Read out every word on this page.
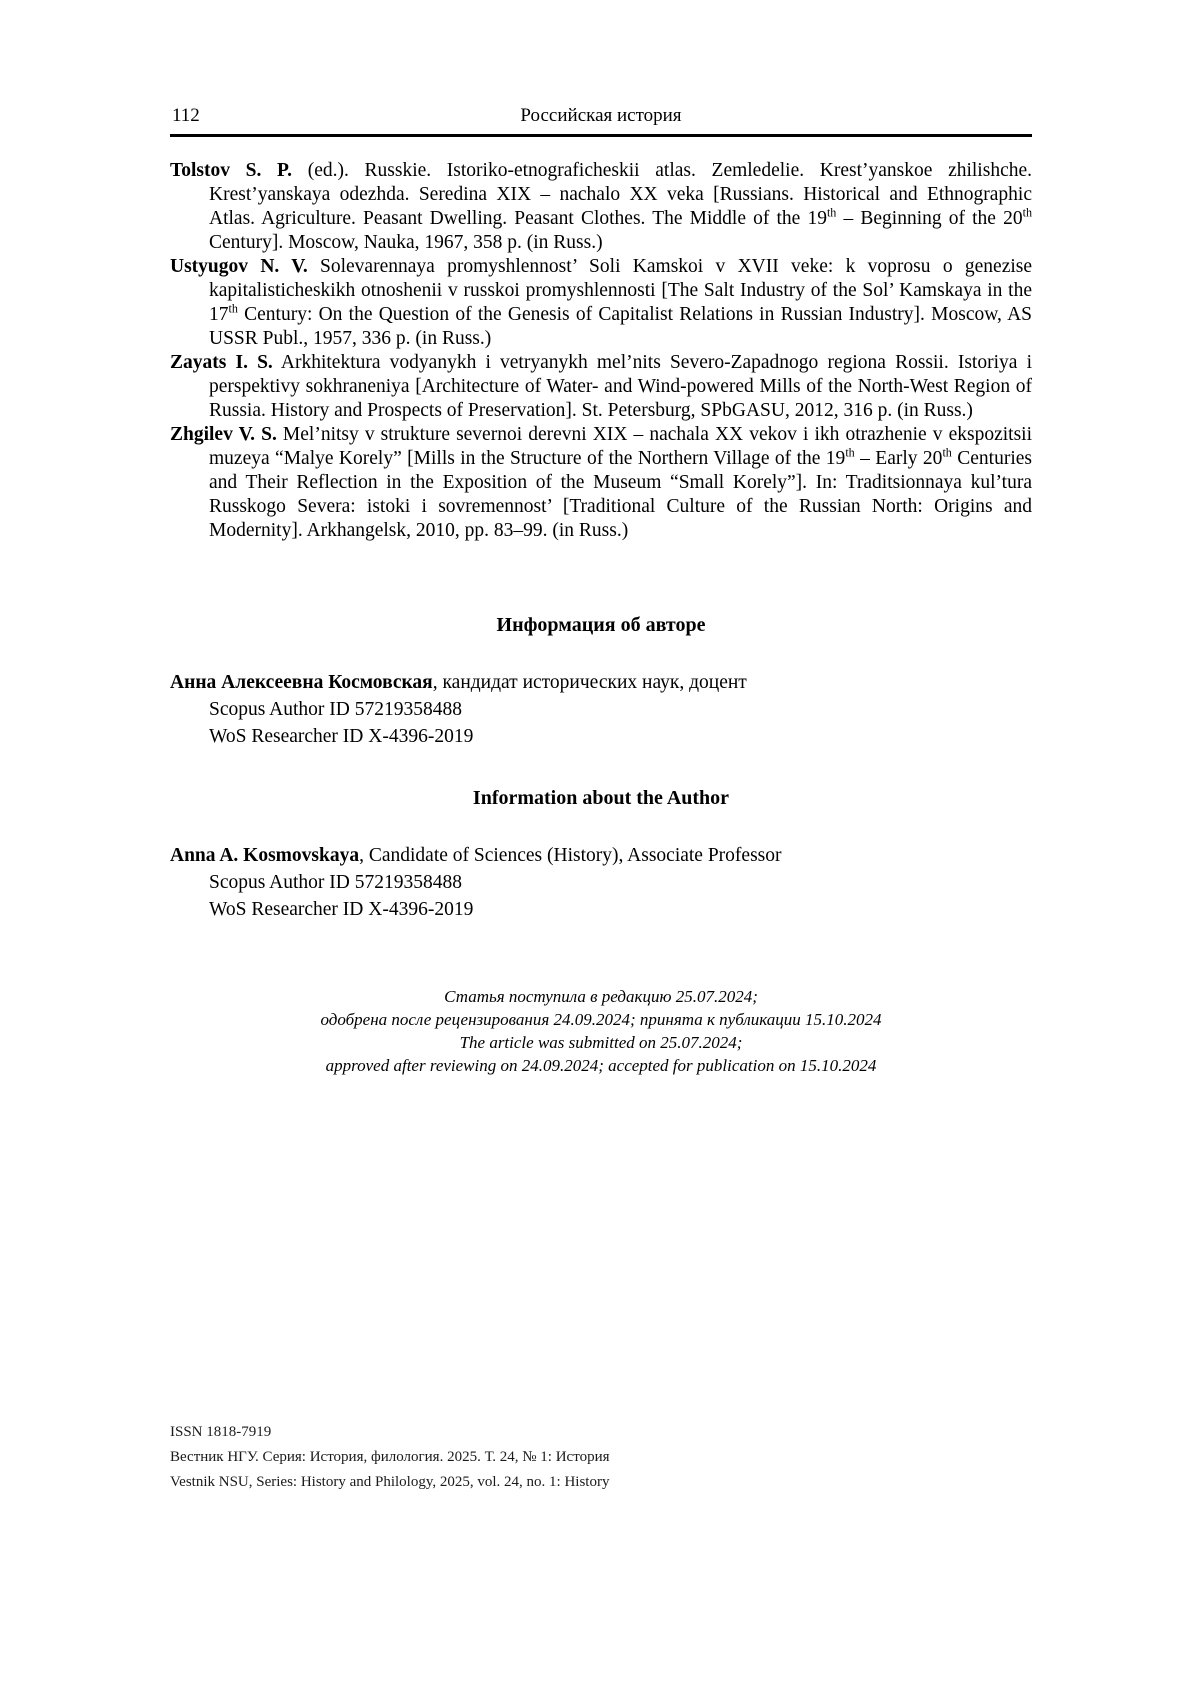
112	Российская история

Tolstov S. P. (ed.). Russkie. Istoriko-etnograficheskii atlas. Zemledelie. Krest’yanskoe zhilishche. Krest’yanskaya odezhda. Seredina XIX – nachalo XX veka [Russians. Historical and Ethnographic Atlas. Agriculture. Peasant Dwelling. Peasant Clothes. The Middle of the 19th – Beginning of the 20th Century]. Moscow, Nauka, 1967, 358 p. (in Russ.)

Ustyugov N. V. Solevarennaya promyshlennost’ Soli Kamskoi v XVII veke: k voprosu o genezise kapitalisticheskikh otnoshenii v russkoi promyshlennosti [The Salt Industry of the Sol’ Kamskaya in the 17th Century: On the Question of the Genesis of Capitalist Relations in Russian Industry]. Moscow, AS USSR Publ., 1957, 336 p. (in Russ.)

Zayats I. S. Arkhitektura vodyanykh i vetryanykh mel’nits Severo-Zapadnogo regiona Rossii. Istoriya i perspektivy sokhraneniya [Architecture of Water- and Wind-powered Mills of the North-West Region of Russia. History and Prospects of Preservation]. St. Petersburg, SPbGASU, 2012, 316 p. (in Russ.)

Zhgilev V. S. Mel’nitsy v strukture severnoi derevni XIX – nachala XX vekov i ikh otrazhenie v ekspozitsii muzeya “Malye Korely” [Mills in the Structure of the Northern Village of the 19th – Early 20th Centuries and Their Reflection in the Exposition of the Museum “Small Korely”]. In: Traditsionnaya kul’tura Russkogo Severa: istoki i sovremennost’ [Traditional Culture of the Russian North: Origins and Modernity]. Arkhangelsk, 2010, pp. 83–99. (in Russ.)

Информация об авторе

Анна Алексеевна Космовская, кандидат исторических наук, доцент

Scopus Author ID 57219358488

WoS Researcher ID X-4396-2019

Information about the Author

Anna A. Kosmovskaya, Candidate of Sciences (History), Associate Professor

Scopus Author ID 57219358488

WoS Researcher ID X-4396-2019

Статья поступила в редакцию 25.07.2024;

одобрена после рецензирования 24.09.2024; принята к публикации 15.10.2024

The article was submitted on 25.07.2024;

approved after reviewing on 24.09.2024; accepted for publication on 15.10.2024

ISSN 1818-7919

Вестник НГУ. Серия: История, филология. 2025. Т. 24, № 1: История

Vestnik NSU, Series: History and Philology, 2025, vol. 24, no. 1: History
